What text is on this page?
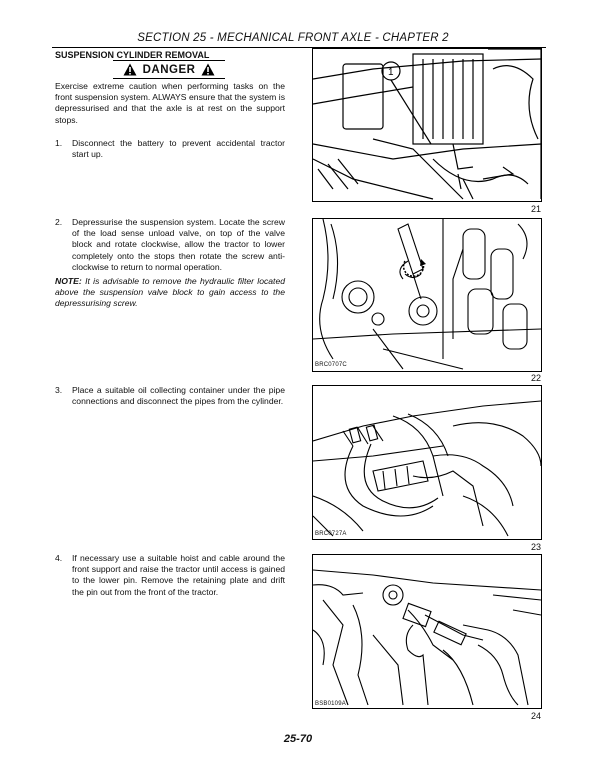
SECTION 25 - MECHANICAL FRONT AXLE - CHAPTER 2
SUSPENSION CYLINDER REMOVAL
DANGER
Exercise extreme caution when performing tasks on the front suspension system. ALWAYS ensure that the system is depressurised and that the axle is at rest on the support stops.
1.	Disconnect the battery to prevent accidental tractor start up.
2.	Depressurise the suspension system. Locate the screw of the load sense unload valve, on top of the valve block and rotate clockwise, allow the tractor to lower completely onto the stops then rotate the screw anti-clockwise to return to normal operation.
NOTE: It is advisable to remove the hydraulic filter located above the suspension valve block to gain access to the depressurising screw.
3.	Place a suitable oil collecting container under the pipe connections and disconnect the pipes from the cylinder.
4.	If necessary use a suitable hoist and cable around the front support and raise the tractor until access is gained to the lower pin. Remove the retaining plate and drift the pin out from the front of the tractor.
1
21
BRC0707C
22
BRC0727A
23
BSB0109A
24
25-70
